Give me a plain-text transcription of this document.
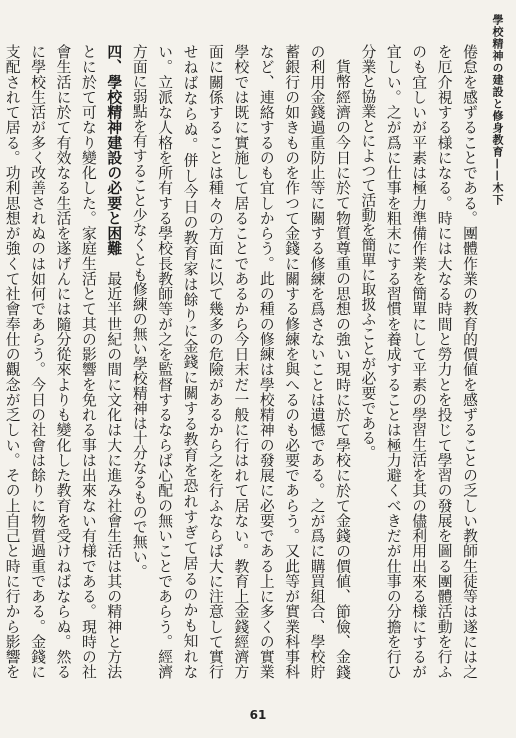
學校精神の建設と修身教育——木下

倦怠を感ずることである。團體作業の教育的價値を感ずることの乏しい教師生徒等は遂には之を厄介視する様になる。時には大なる時間と勞力とを投じて學習の發展を圖る團體活動を行ふのも宜しいが平素は極力準備作業を簡單にして平素の學習生活を其の儘利用出來る様にするが宜しい。之が爲に仕事を粗末にする習慣を養成することは極力避くべきだが仕事の分擔を行ひ分業と協業とによつて活動を簡單に取扱ふことが必要である。

貨幣經濟の今日に於て物質尊重の思想の強い現時に於て學校に於て金錢の價値、節儉、金錢の利用金錢過重防止等に關する修練を爲さないことは遺憾である。之が爲に購買組合、學校貯蓄銀行の如きものを作つて金錢に關する修練を與へるのも必要であらう。又此等が實業科事科など、連絡するのも宜しからう。此の種の修練は學校精神の發展に必要である上に多くの實業學校では既に實施して居ることであるから今日末だ一般に行はれて居ない。教育上金錢經濟方面に關係することは種々の方面に以て幾多の危險があるから之を行ふならば大に注意して實行せねばならぬ。併し今日の教育家は餘りに金錢に關する教育を恐れすぎて居るのかも知れない。立派な人格を所有する學校長教師等が之を監督するならば心配の無いことであらう。經濟方面に弱點を有すること少なくとも修練の無い學校精神は十分なるもので無い。

四、學校精神建設の必要と困難　最近半世紀の間に文化は大に進み社會生活は其の精神と方法とに於て可なり變化した。家庭生活とて其の影響を免れる事は出來ない有様である。現時の社會生活に於て有效なる生活を遂げんには隨分從來よりも變化した教育を受けねばならぬ。然るに學校生活が多く改善されぬのは如何であらう。今日の社會は餘りに物質過重である。金錢に支配されて居る。功利思想が強くて社會奉仕の觀念が乏しい。その上自己と時に行から影響を

61
